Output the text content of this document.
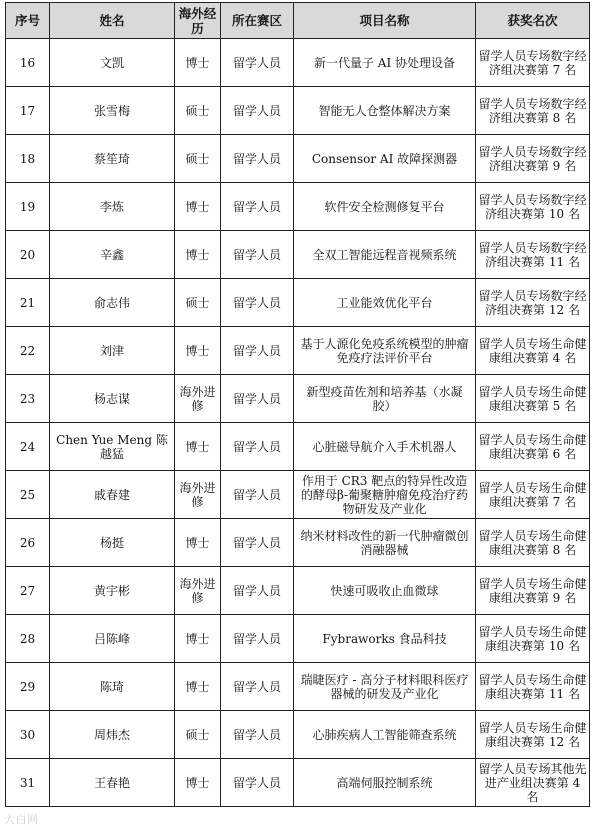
序号	姓名	海外经历	所在赛区	项目名称	获奖名次
16	文凯	博士	留学人员	新一代量子 AI 协处理设备	留学人员专场数字经济组决赛第 7 名
17	张雪梅	硕士	留学人员	智能无人仓整体解决方案	留学人员专场数字经济组决赛第 8 名
18	蔡笙琦	硕士	留学人员	Consensor AI 故障探测器	留学人员专场数字经济组决赛第 9 名
19	李炼	博士	留学人员	软件安全检测修复平台	留学人员专场数字经济组决赛第 10 名
20	辛鑫	博士	留学人员	全双工智能远程音视频系统	留学人员专场数字经济组决赛第 11 名
21	俞志伟	硕士	留学人员	工业能效优化平台	留学人员专场数字经济组决赛第 12 名
22	刘津	博士	留学人员	基于人源化免疫系统模型的肿瘤免疫疗法评价平台	留学人员专场生命健康组决赛第 4 名
23	杨志谋	海外进修	留学人员	新型疫苗佐剂和培养基（水凝胶）	留学人员专场生命健康组决赛第 5 名
24	Chen Yue Meng 陈越猛	博士	留学人员	心脏磁导航介入手术机器人	留学人员专场生命健康组决赛第 6 名
25	戚春建	海外进修	留学人员	作用于 CR3 靶点的特异性改造的酵母β-葡聚糖肿瘤免疫治疗药物研发及产业化	留学人员专场生命健康组决赛第 7 名
26	杨挺	博士	留学人员	纳米材料改性的新一代肿瘤微创消融器械	留学人员专场生命健康组决赛第 8 名
27	黄宇彬	海外进修	留学人员	快速可吸收止血微球	留学人员专场生命健康组决赛第 9 名
28	吕陈峰	博士	留学人员	Fybraworks 食品科技	留学人员专场生命健康组决赛第 10 名
29	陈琦	博士	留学人员	瑞睫医疗 - 高分子材料眼科医疗器械的研发及产业化	留学人员专场生命健康组决赛第 11 名
30	周炜杰	硕士	留学人员	心肺疾病人工智能筛查系统	留学人员专场生命健康组决赛第 12 名
31	王春艳	博士	留学人员	高端伺服控制系统	留学人员专场其他先进产业组决赛第 4 名
大白网
